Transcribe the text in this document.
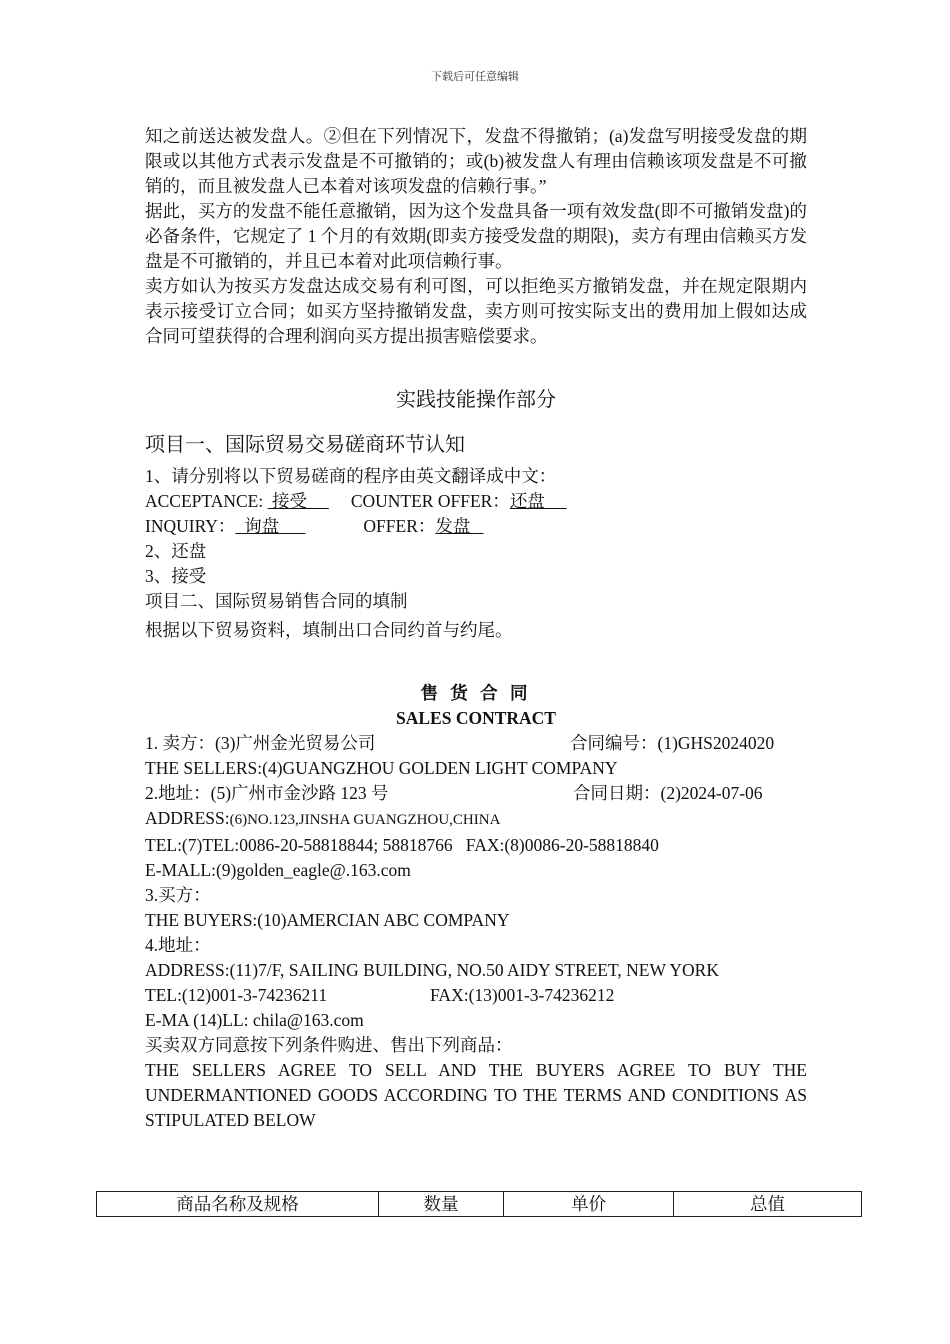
下载后可任意编辑

知之前送达被发盘人。②但在下列情况下，发盘不得撤销；(a)发盘写明接受发盘的期限或以其他方式表示发盘是不可撤销的；或(b)被发盘人有理由信赖该项发盘是不可撤销的，而且被发盘人已本着对该项发盘的信赖行事。”

据此，买方的发盘不能任意撤销，因为这个发盘具备一项有效发盘(即不可撤销发盘)的必备条件，它规定了 1 个月的有效期(即卖方接受发盘的期限)，卖方有理由信赖买方发盘是不可撤销的，并且已本着对此项信赖行事。

卖方如认为按买方发盘达成交易有利可图，可以拒绝买方撤销发盘，并在规定限期内表示接受订立合同；如买方坚持撤销发盘，卖方则可按实际支出的费用加上假如达成合同可望获得的合理利润向买方提出损害赔偿要求。

实践技能操作部分
项目一、国际贸易交易磋商环节认知

1、请分别将以下贸易磋商的程序由英文翻译成中文：

ACCEPTANCE:  接受     COUNTER OFFER：还盘

INQUIRY：  询盘	OFFER：发盘

2、还盘

3、接受

项目二、国际贸易销售合同的填制

根据以下贸易资料，填制出口合同约首与约尾。

售 货 合 同
SALES CONTRACT

1. 卖方：(3)广州金光贸易公司	合同编号：(1)GHS2024020

THE SELLERS:(4)GUANGZHOU GOLDEN LIGHT COMPANY

2.地址：(5)广州市金沙路 123 号	合同日期：(2)2024-07-06

ADDRESS:(6)NO.123,JINSHA GUANGZHOU,CHINA

TEL:(7)TEL:0086-20-58818844; 58818766   FAX:(8)0086-20-58818840

E-MALL:(9)golden_eagle@.163.com

3.买方：

THE BUYERS:(10)AMERCIAN ABC COMPANY

4.地址：

ADDRESS:(11)7/F, SAILING BUILDING, NO.50 AIDY STREET, NEW YORK

TEL:(12)001-3-74236211	FAX:(13)001-3-74236212

E-MA (14)LL: chila@163.com

买卖双方同意按下列条件购进、售出下列商品：

THE SELLERS AGREE TO SELL AND THE BUYERS AGREE TO BUY THE UNDERMANTIONED GOODS ACCORDING TO THE TERMS AND CONDITIONS AS STIPULATED BELOW

商品名称及规格	数量	单价	总值
